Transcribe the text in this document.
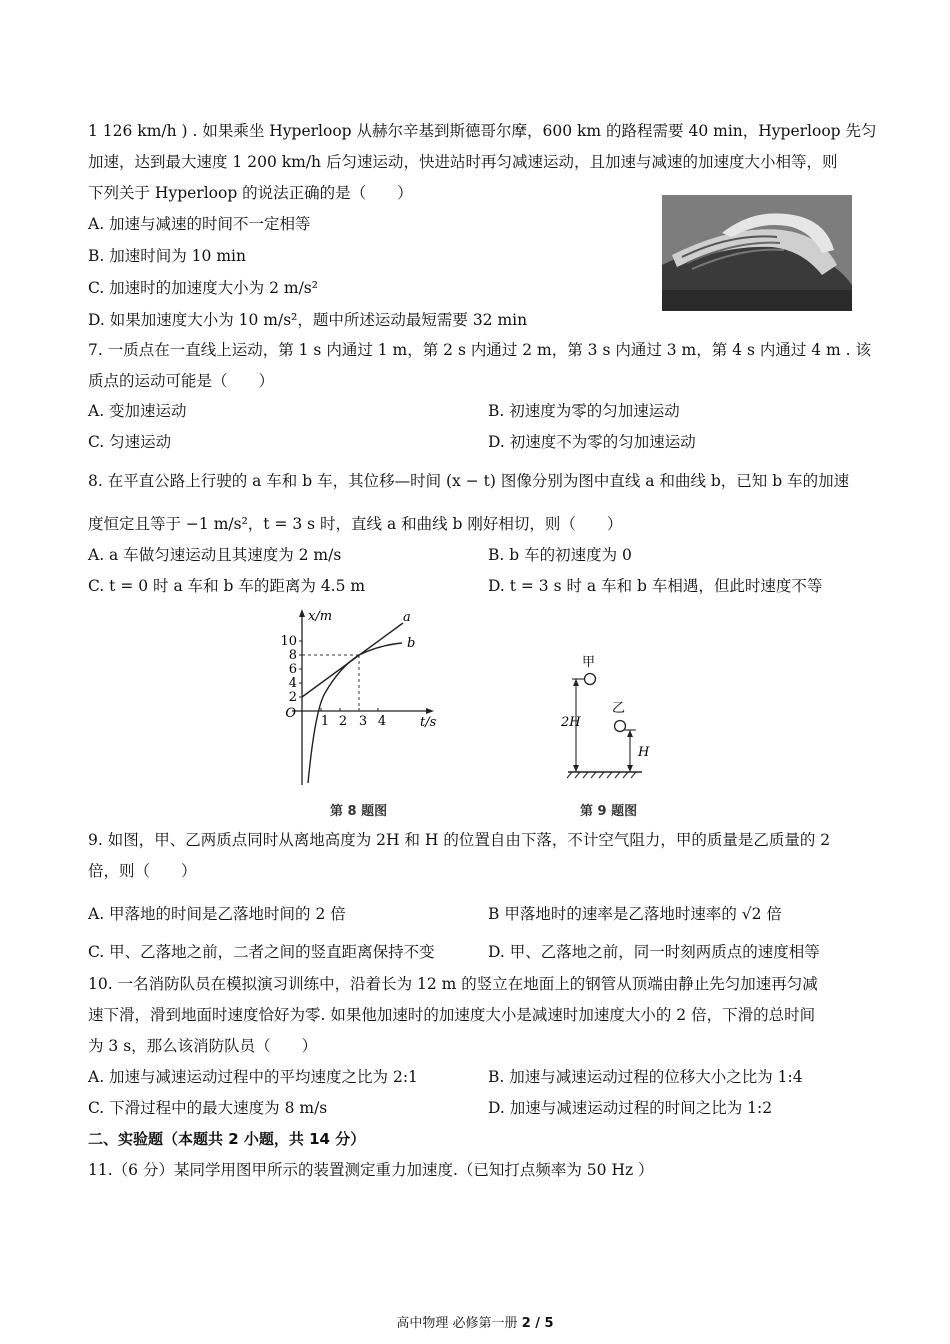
1 126 km/h ) . 如果乘坐 Hyperloop 从赫尔辛基到斯德哥尔摩，600 km 的路程需要 40 min，Hyperloop 先匀
加速，达到最大速度 1 200 km/h 后匀速运动，快进站时再匀减速运动，且加速与减速的加速度大小相等，则
下列关于 Hyperloop 的说法正确的是（　　）
A. 加速与减速的时间不一定相等
B. 加速时间为 10 min
C. 加速时的加速度大小为 2 m/s²
D. 如果加速度大小为 10 m/s²，题中所述运动最短需要 32 min
7. 一质点在一直线上运动，第 1 s 内通过 1 m，第 2 s 内通过 2 m，第 3 s 内通过 3 m，第 4 s 内通过 4 m . 该
质点的运动可能是（　　）
A. 变加速运动	B. 初速度为零的匀加速运动
C. 匀速运动	D. 初速度不为零的匀加速运动
8. 在平直公路上行驶的 a 车和 b 车，其位移—时间 (x − t) 图像分别为图中直线 a 和曲线 b，已知 b 车的加速
度恒定且等于 −1 m/s²，t = 3 s 时，直线 a 和曲线 b 刚好相切，则（　　）
A. a 车做匀速运动且其速度为 2 m/s	B. b 车的初速度为 0
C. t = 0 时 a 车和 b 车的距离为 4.5 m	D. t = 3 s 时 a 车和 b 车相遇，但此时速度不等
10
8
6
4
2
O
x/m
1 2 3 4	t/s
a
b
第 8 题图
甲
乙
2H
H
第 9 题图
9. 如图，甲、乙两质点同时从离地高度为 2H 和 H 的位置自由下落，不计空气阻力，甲的质量是乙质量的 2
倍，则（　　）
A. 甲落地的时间是乙落地时间的 2 倍	B 甲落地时的速率是乙落地时速率的 √2 倍
C. 甲、乙落地之前，二者之间的竖直距离保持不变	D. 甲、乙落地之前，同一时刻两质点的速度相等
10. 一名消防队员在模拟演习训练中，沿着长为 12 m 的竖立在地面上的钢管从顶端由静止先匀加速再匀减
速下滑，滑到地面时速度恰好为零. 如果他加速时的加速度大小是减速时加速度大小的 2 倍，下滑的总时间
为 3 s，那么该消防队员（　　）
A. 加速与减速运动过程中的平均速度之比为 2:1	B. 加速与减速运动过程的位移大小之比为 1:4
C. 下滑过程中的最大速度为 8 m/s	D. 加速与减速运动过程的时间之比为 1:2
二、实验题（本题共 2 小题，共 14 分）
11.（6 分）某同学用图甲所示的装置测定重力加速度.（已知打点频率为 50 Hz ）
高中物理 必修第一册 2 / 5
